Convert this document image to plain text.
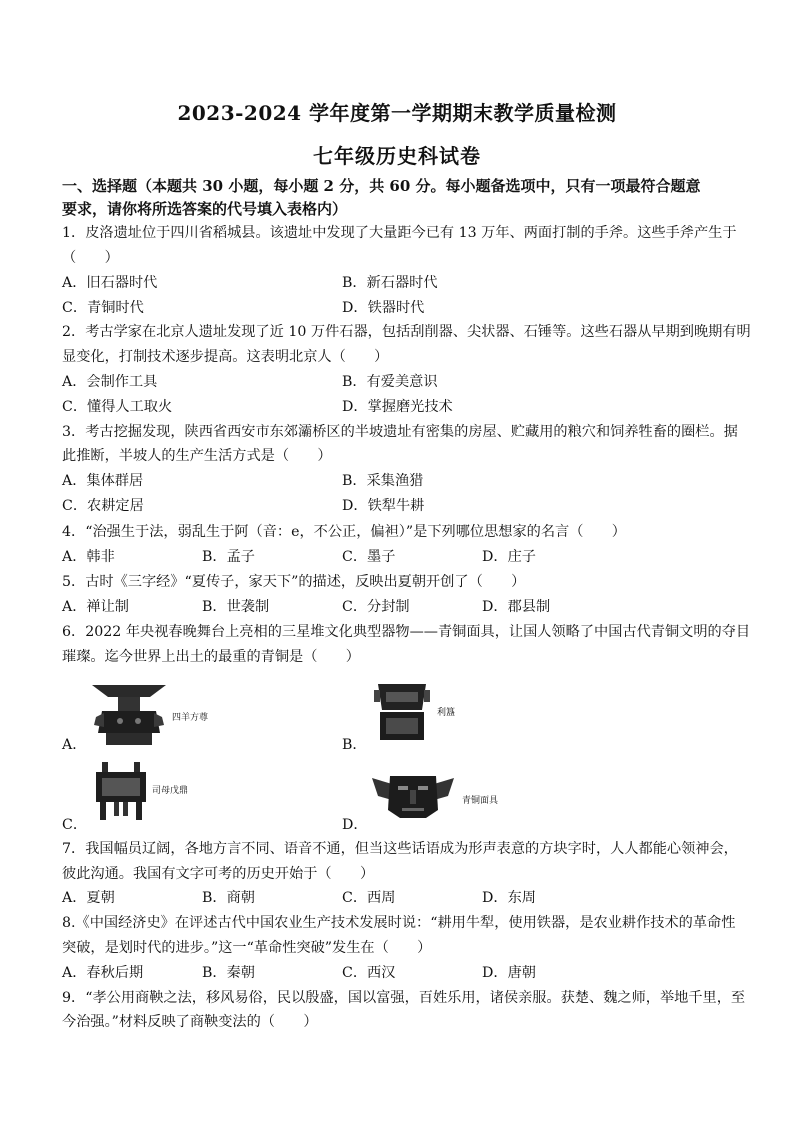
2023-2024 学年度第一学期期末教学质量检测
七年级历史科试卷
一、选择题（本题共 30 小题，每小题 2 分，共 60 分。每小题备选项中，只有一项最符合题意
要求，请你将所选答案的代号填入表格内）
1．皮洛遗址位于四川省稻城县。该遗址中发现了大量距今已有 13 万年、两面打制的手斧。这些手斧产生于
（　　）
A．旧石器时代	B．新石器时代
C．青铜时代	D．铁器时代
2．考古学家在北京人遗址发现了近 10 万件石器，包括刮削器、尖状器、石锤等。这些石器从早期到晚期有明
显变化，打制技术逐步提高。这表明北京人（　　）
A．会制作工具	B．有爱美意识
C．懂得人工取火	D．掌握磨光技术
3．考古挖掘发现，陕西省西安市东郊灞桥区的半坡遗址有密集的房屋、贮藏用的粮穴和饲养牲畜的圈栏。据
此推断，半坡人的生产生活方式是（　　）
A．集体群居	B．采集渔猎
C．农耕定居	D．铁犁牛耕
4．“治强生于法，弱乱生于阿（音：e，不公正，偏袒）”是下列哪位思想家的名言（　　）
A．韩非	B．孟子	C．墨子	D．庄子
5．古时《三字经》“夏传子，家天下”的描述，反映出夏朝开创了（　　）
A．禅让制	B．世袭制	C．分封制	D．郡县制
6．2022 年央视春晚舞台上亮相的三星堆文化典型器物——青铜面具，让国人领略了中国古代青铜文明的夺目
璀璨。迄今世界上出土的最重的青铜是（　　）
四羊方尊
A．
利簋
B．
司母戊鼎
C．
青铜面具
D．
7．我国幅员辽阔，各地方言不同、语音不通，但当这些话语成为形声表意的方块字时，人人都能心领神会，
彼此沟通。我国有文字可考的历史开始于（　　）
A．夏朝	B．商朝	C．西周	D．东周
8.《中国经济史》在评述古代中国农业生产技术发展时说：“耕用牛犁，使用铁器，是农业耕作技术的革命性
突破，是划时代的进步。”这一“革命性突破”发生在（　　）
A．春秋后期	B．秦朝	C．西汉	D．唐朝
9．“孝公用商鞅之法，移风易俗，民以殷盛，国以富强，百姓乐用，诸侯亲服。获楚、魏之师，举地千里，至
今治强。”材料反映了商鞅变法的（　　）
